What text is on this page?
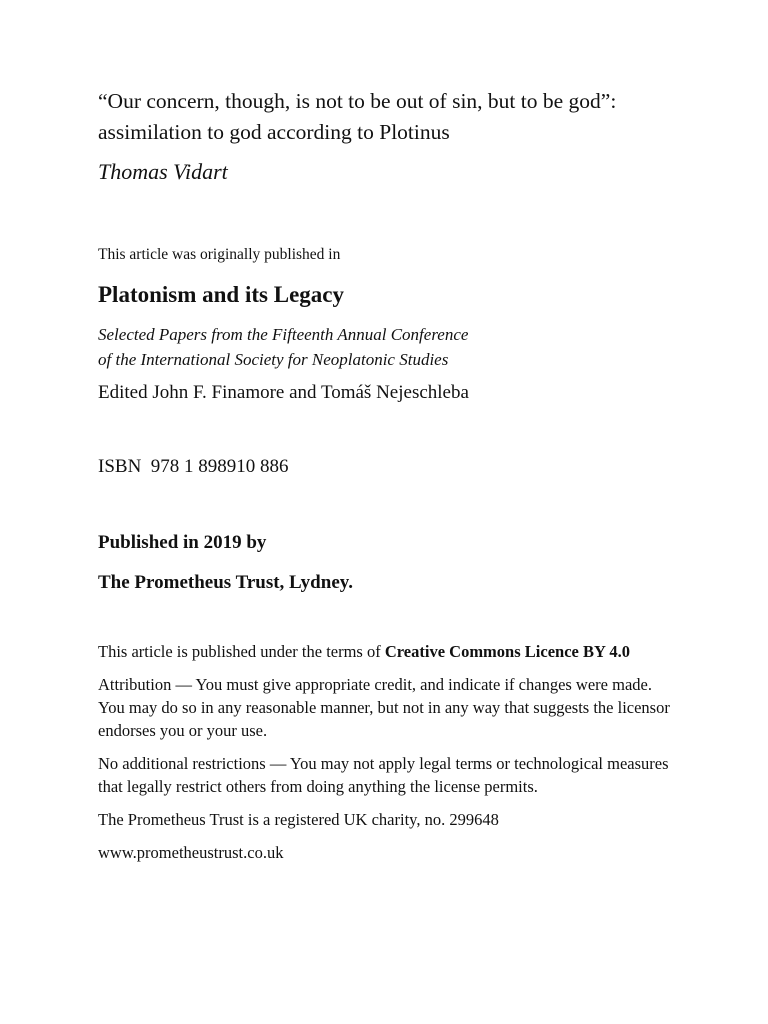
“Our concern, though, is not to be out of sin, but to be god”: assimilation to god according to Plotinus

Thomas Vidart

This article was originally published in

Platonism and its Legacy

Selected Papers from the Fifteenth Annual Conference
of the International Society for Neoplatonic Studies

Edited John F. Finamore and Tomáš Nejeschleba

ISBN  978 1 898910 886

Published in 2019 by

The Prometheus Trust, Lydney.

This article is published under the terms of Creative Commons Licence BY 4.0

Attribution — You must give appropriate credit, and indicate if changes were made. You may do so in any reasonable manner, but not in any way that suggests the licensor endorses you or your use.

No additional restrictions — You may not apply legal terms or technological measures that legally restrict others from doing anything the license permits.

The Prometheus Trust is a registered UK charity, no. 299648

www.prometheustrust.co.uk
